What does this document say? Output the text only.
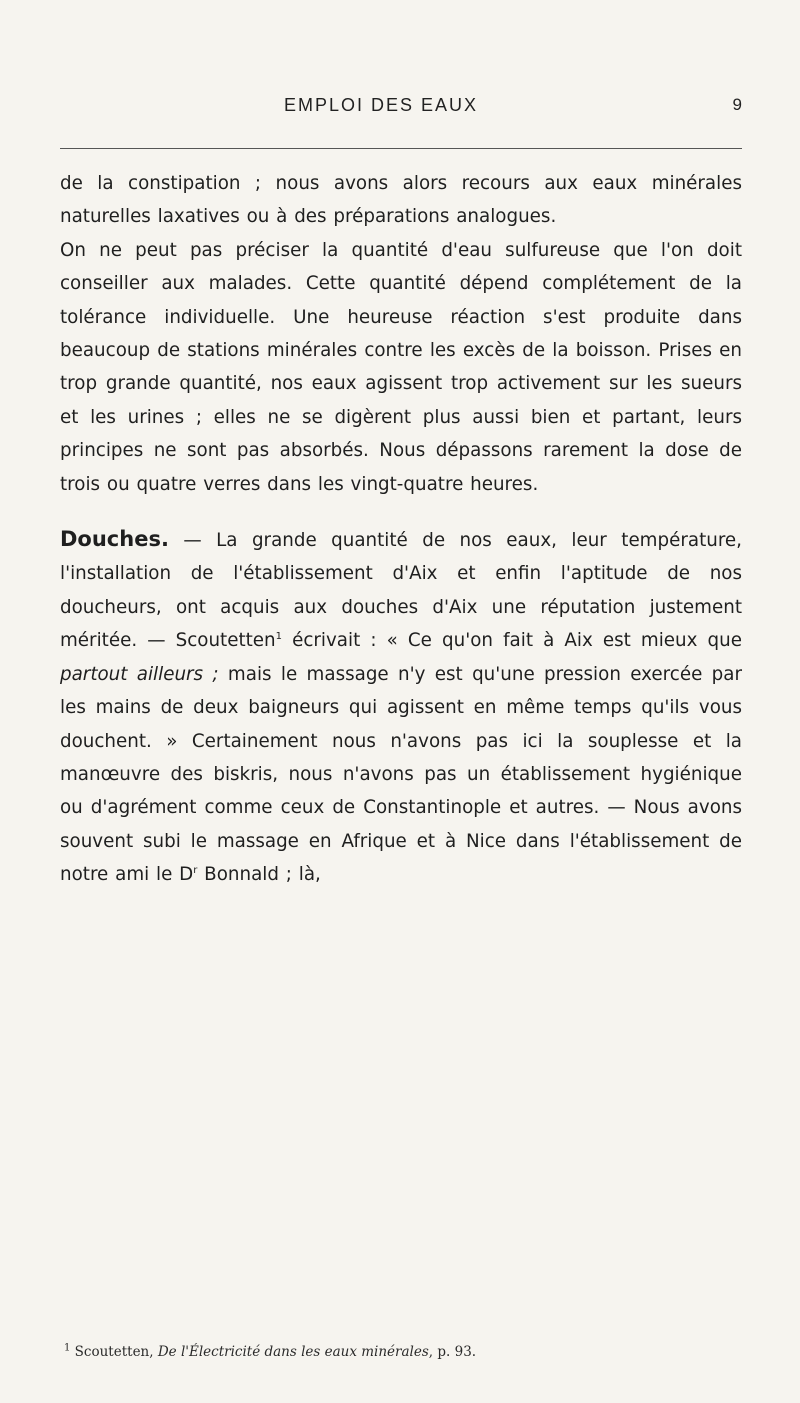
EMPLOI DES EAUX	9

de la constipation ; nous avons alors recours aux eaux minérales naturelles laxatives ou à des préparations analogues.

On ne peut pas préciser la quantité d'eau sulfureuse que l'on doit conseiller aux malades. Cette quantité dépend complétement de la tolérance individuelle. Une heureuse réaction s'est produite dans beaucoup de stations minérales contre les excès de la boisson. Prises en trop grande quantité, nos eaux agissent trop activement sur les sueurs et les urines ; elles ne se digèrent plus aussi bien et partant, leurs principes ne sont pas absorbés. Nous dépassons rarement la dose de trois ou quatre verres dans les vingt-quatre heures.

Douches. — La grande quantité de nos eaux, leur température, l'installation de l'établissement d'Aix et enfin l'aptitude de nos doucheurs, ont acquis aux douches d'Aix une réputation justement méritée. — Scoutetten$^1$ écrivait : « Ce qu'on fait à Aix est mieux que partout ailleurs ; mais le massage n'y est qu'une pression exercée par les mains de deux baigneurs qui agissent en même temps qu'ils vous douchent. » Certainement nous n'avons pas ici la souplesse et la manœuvre des biskris, nous n'avons pas un établissement hygiénique ou d'agrément comme ceux de Constantinople et autres. — Nous avons souvent subi le massage en Afrique et à Nice dans l'établissement de notre ami le $D^r$ Bonnald ; là,

$^1$ Scoutetten, De l'Électricité dans les eaux minérales, p. 93.
